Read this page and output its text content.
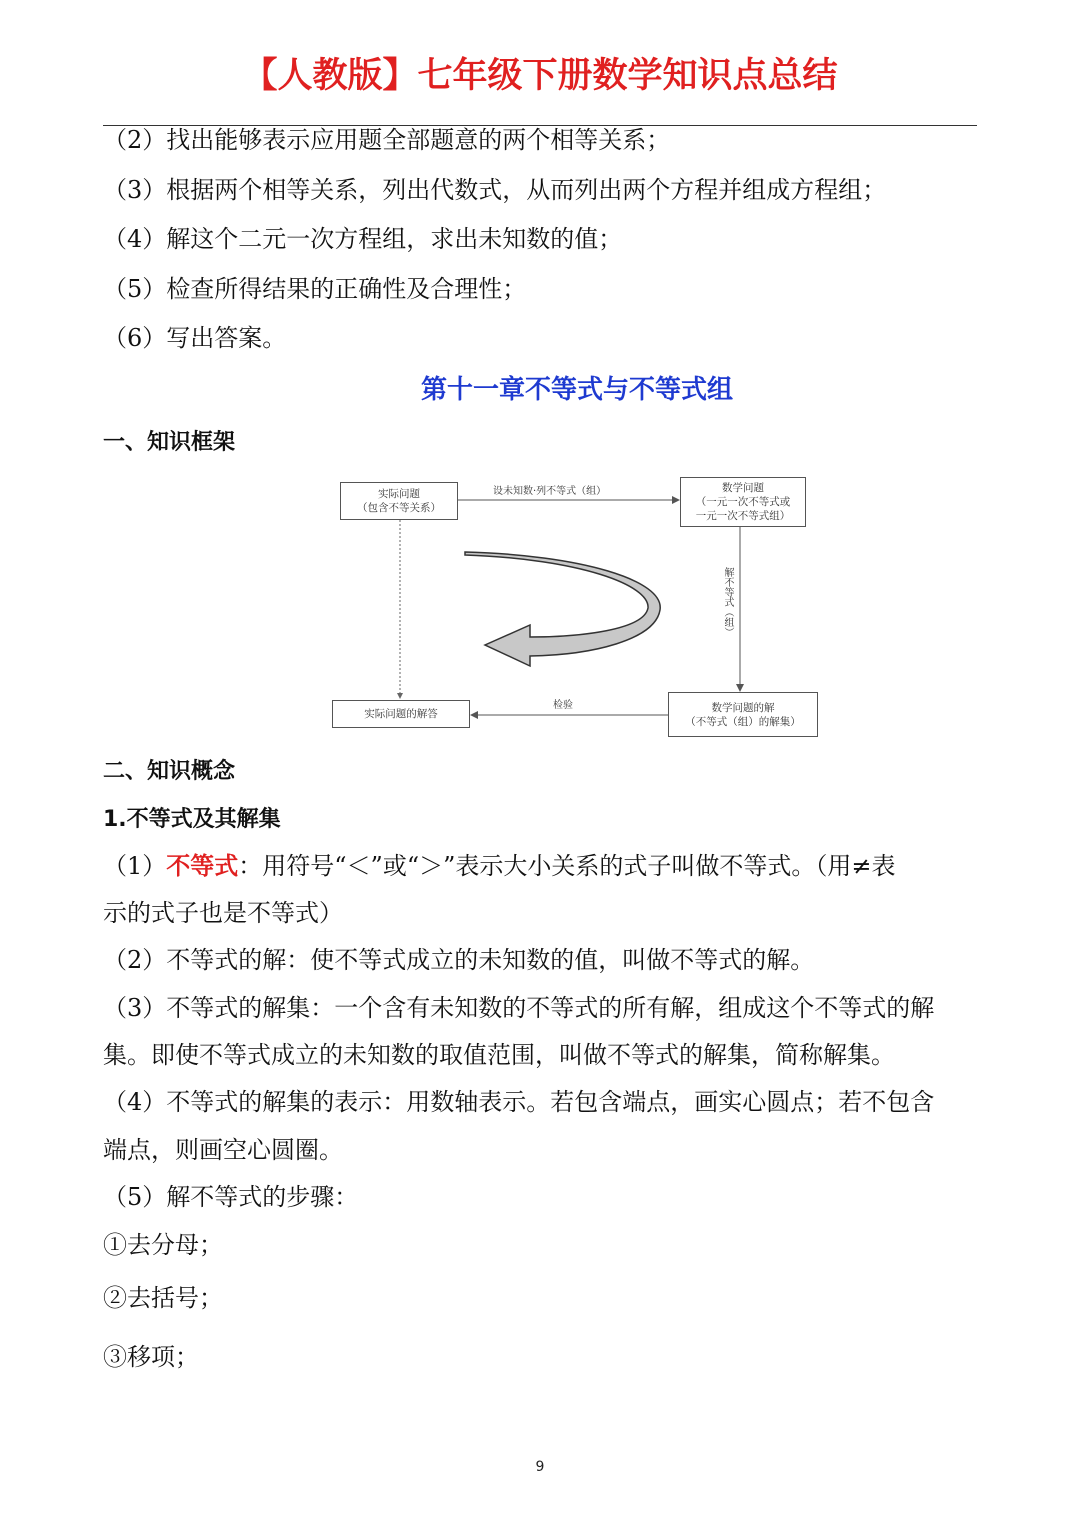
【人教版】七年级下册数学知识点总结
（2）找出能够表示应用题全部题意的两个相等关系；
（3）根据两个相等关系，列出代数式，从而列出两个方程并组成方程组；
（4）解这个二元一次方程组，求出未知数的值；
（5）检查所得结果的正确性及合理性；
（6）写出答案。
第十一章不等式与不等式组
一、知识框架
实际问题
（包含不等关系）
设未知数·列不等式（组）	数学问题
（一元一次不等式或
一元一次不等式组）
解不等式（组）
数学问题的解
（不等式（组）的解集）
检验
实际问题的解答
二、知识概念
1.不等式及其解集
（1）不等式：用符号“＜”或“＞”表示大小关系的式子叫做不等式。（用≠表
示的式子也是不等式）
（2）不等式的解：使不等式成立的未知数的值，叫做不等式的解。
（3）不等式的解集：一个含有未知数的不等式的所有解，组成这个不等式的解
集。即使不等式成立的未知数的取值范围，叫做不等式的解集，简称解集。
（4）不等式的解集的表示：用数轴表示。若包含端点，画实心圆点；若不包含
端点，则画空心圆圈。
（5）解不等式的步骤：
①去分母；
②去括号；
③移项；
9
